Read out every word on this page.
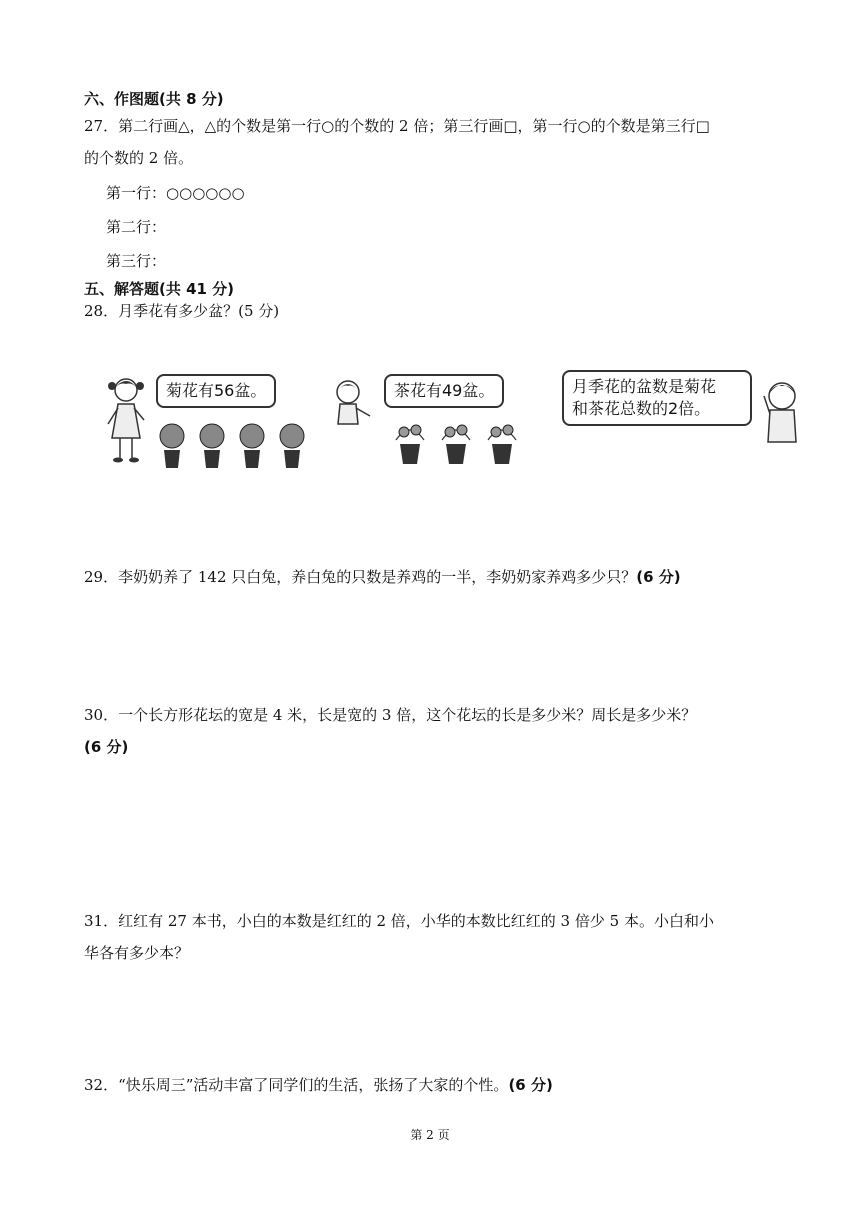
六、作图题(共 8 分)
27．第二行画△，△的个数是第一行○的个数的 2 倍；第三行画□，第一行○的个数是第三行□
的个数的 2 倍。
第一行：○○○○○○
第二行：
第三行：
五、解答题(共 41 分)
28．月季花有多少盆？(5 分)
菊花有56盆。	茶花有49盆。	月季花的盆数是菊花
和茶花总数的2倍。
29．李奶奶养了 142 只白兔，养白兔的只数是养鸡的一半，李奶奶家养鸡多少只？(6 分)
30．一个长方形花坛的宽是 4 米，长是宽的 3 倍，这个花坛的长是多少米？周长是多少米？
(6 分)
31．红红有 27 本书，小白的本数是红红的 2 倍，小华的本数比红红的 3 倍少 5 本。小白和小
华各有多少本？
32．“快乐周三”活动丰富了同学们的生活，张扬了大家的个性。(6 分)
第 2 页
